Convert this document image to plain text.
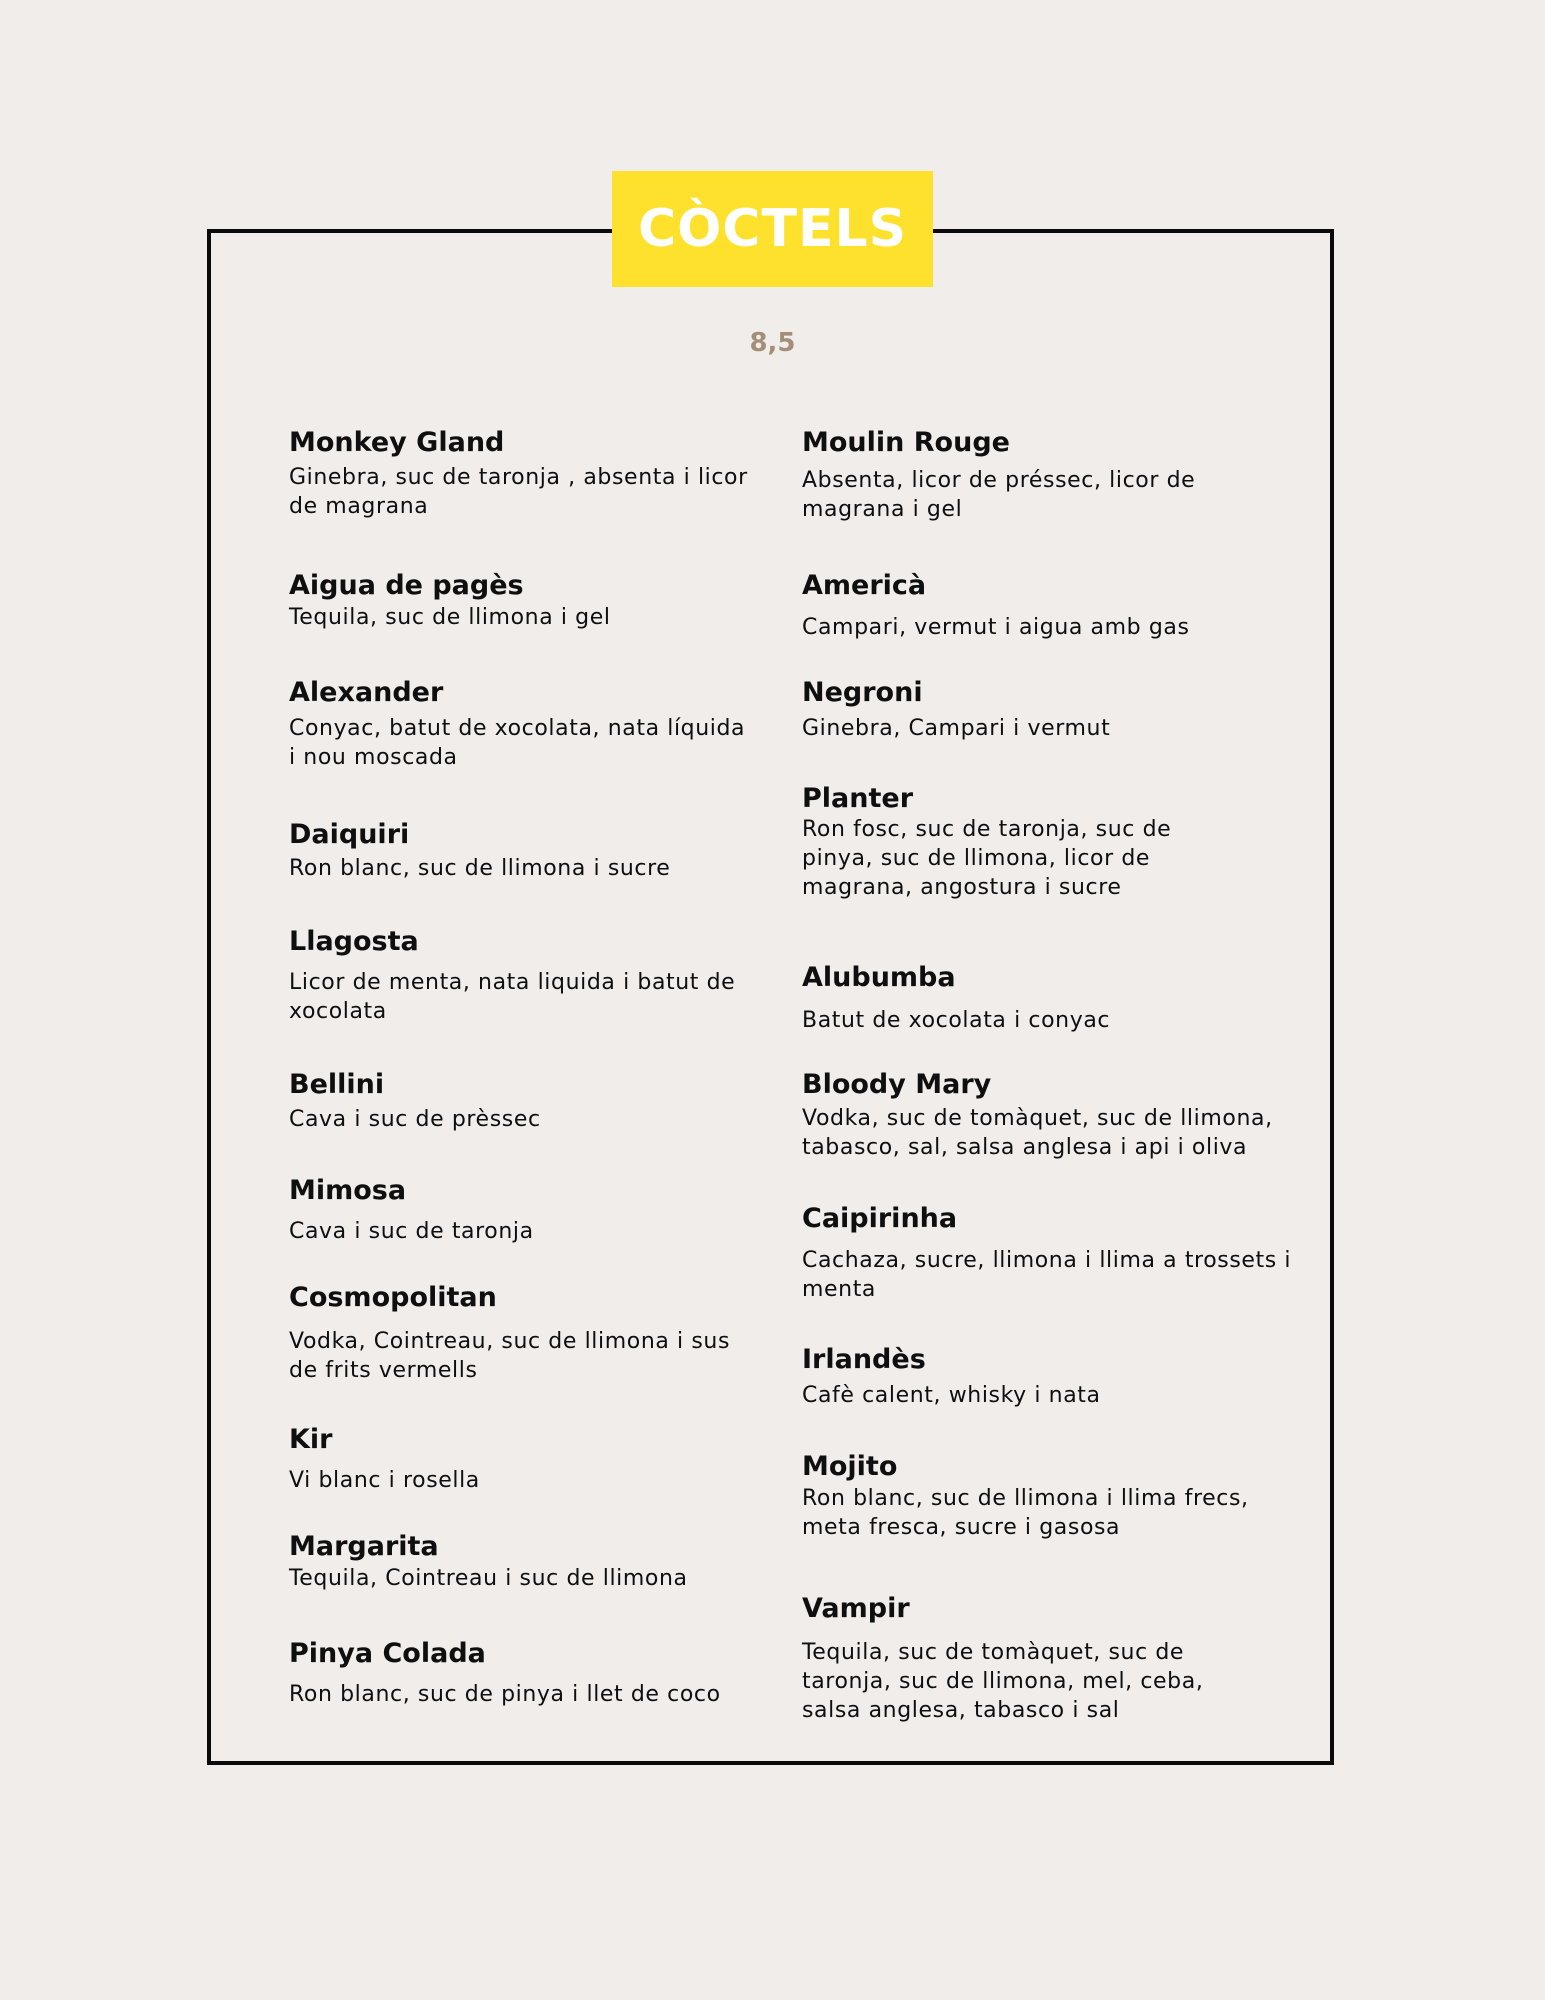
CÒCTELS
8,5

Monkey Gland

Ginebra, suc de taronja , absenta i licor de magrana

Aigua de pagès

Tequila, suc de llimona i gel

Alexander

Conyac, batut de xocolata, nata líquida i nou moscada

Daiquiri

Ron blanc, suc de llimona i sucre

Llagosta

Licor de menta, nata liquida i batut de xocolata

Bellini

Cava i suc de prèssec

Mimosa

Cava i suc de taronja

Cosmopolitan

Vodka, Cointreau, suc de llimona i sus de frits vermells

Kir

Vi blanc i rosella

Margarita

Tequila, Cointreau i suc de llimona

Pinya Colada

Ron blanc, suc de pinya i llet de coco

Moulin Rouge

Absenta, licor de préssec, licor de magrana i gel

Americà

Campari, vermut i aigua amb gas

Negroni

Ginebra, Campari i vermut

Planter

Ron fosc, suc de taronja, suc de pinya, suc de llimona, licor de magrana, angostura i sucre

Alubumba

Batut de xocolata i conyac

Bloody Mary

Vodka, suc de tomàquet, suc de llimona, tabasco, sal, salsa anglesa i api i oliva

Caipirinha

Cachaza, sucre, llimona i llima a trossets i menta

Irlandès

Cafè calent, whisky i nata

Mojito

Ron blanc, suc de llimona i llima frecs, meta fresca, sucre i gasosa

Vampir

Tequila, suc de tomàquet, suc de taronja, suc de llimona, mel, ceba, salsa anglesa, tabasco i sal
